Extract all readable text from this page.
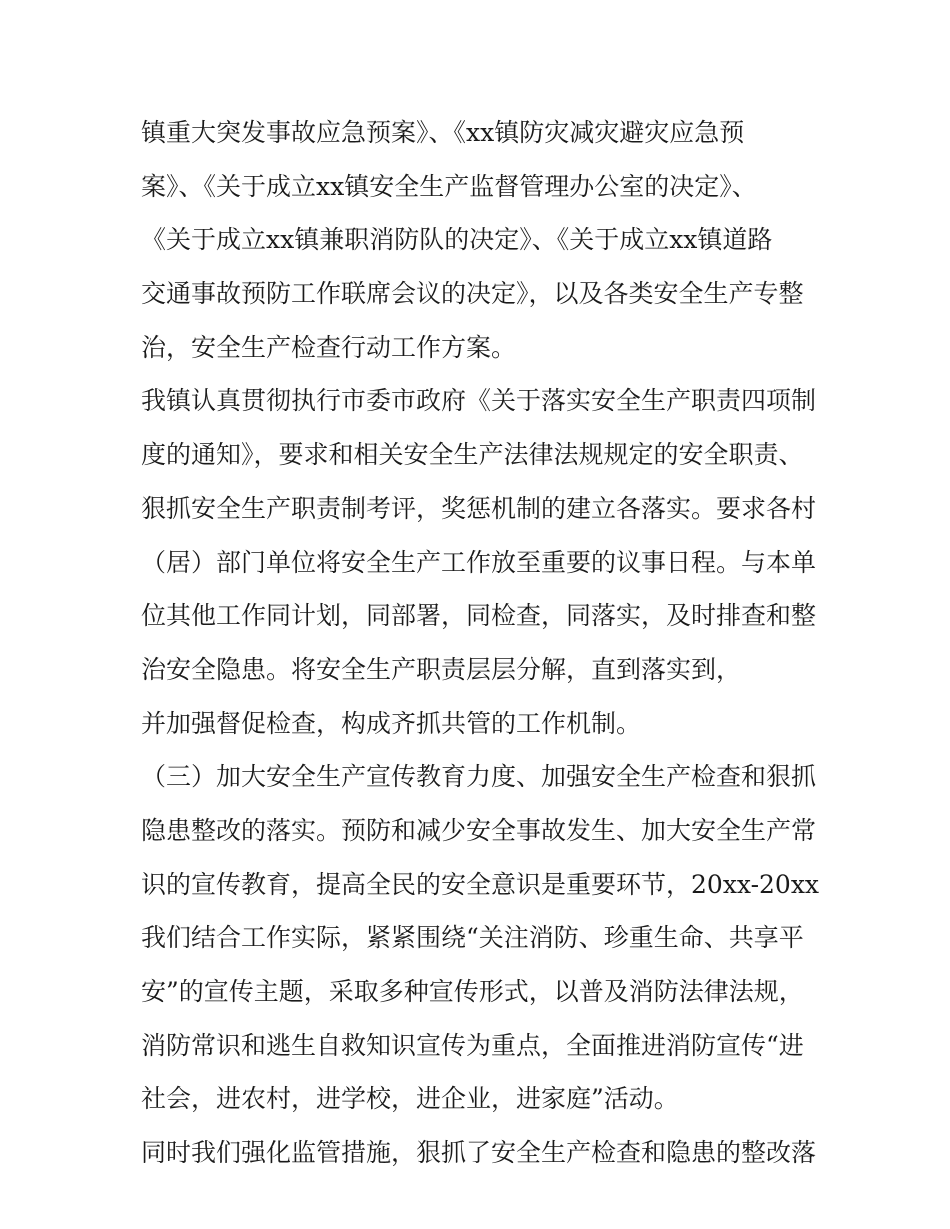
镇重大突发事故应急预案》、《xx镇防灾减灾避灾应急预
案》、《关于成立xx镇安全生产监督管理办公室的决定》、
《关于成立xx镇兼职消防队的决定》、《关于成立xx镇道路
交通事故预防工作联席会议的决定》，以及各类安全生产专整
治，安全生产检查行动工作方案。
我镇认真贯彻执行市委市政府《关于落实安全生产职责四项制
度的通知》，要求和相关安全生产法律法规规定的安全职责、
狠抓安全生产职责制考评，奖惩机制的建立各落实。要求各村
（居）部门单位将安全生产工作放至重要的议事日程。与本单
位其他工作同计划，同部署，同检查，同落实，及时排查和整
治安全隐患。将安全生产职责层层分解，直到落实到，
并加强督促检查，构成齐抓共管的工作机制。
（三）加大安全生产宣传教育力度、加强安全生产检查和狠抓
隐患整改的落实。预防和减少安全事故发生、加大安全生产常
识的宣传教育，提高全民的安全意识是重要环节，20xx-20xx
我们结合工作实际，紧紧围绕“关注消防、珍重生命、共享平
安”的宣传主题，采取多种宣传形式，以普及消防法律法规，
消防常识和逃生自救知识宣传为重点，全面推进消防宣传“进
社会，进农村，进学校，进企业，进家庭”活动。
同时我们强化监管措施，狠抓了安全生产检查和隐患的整改落
